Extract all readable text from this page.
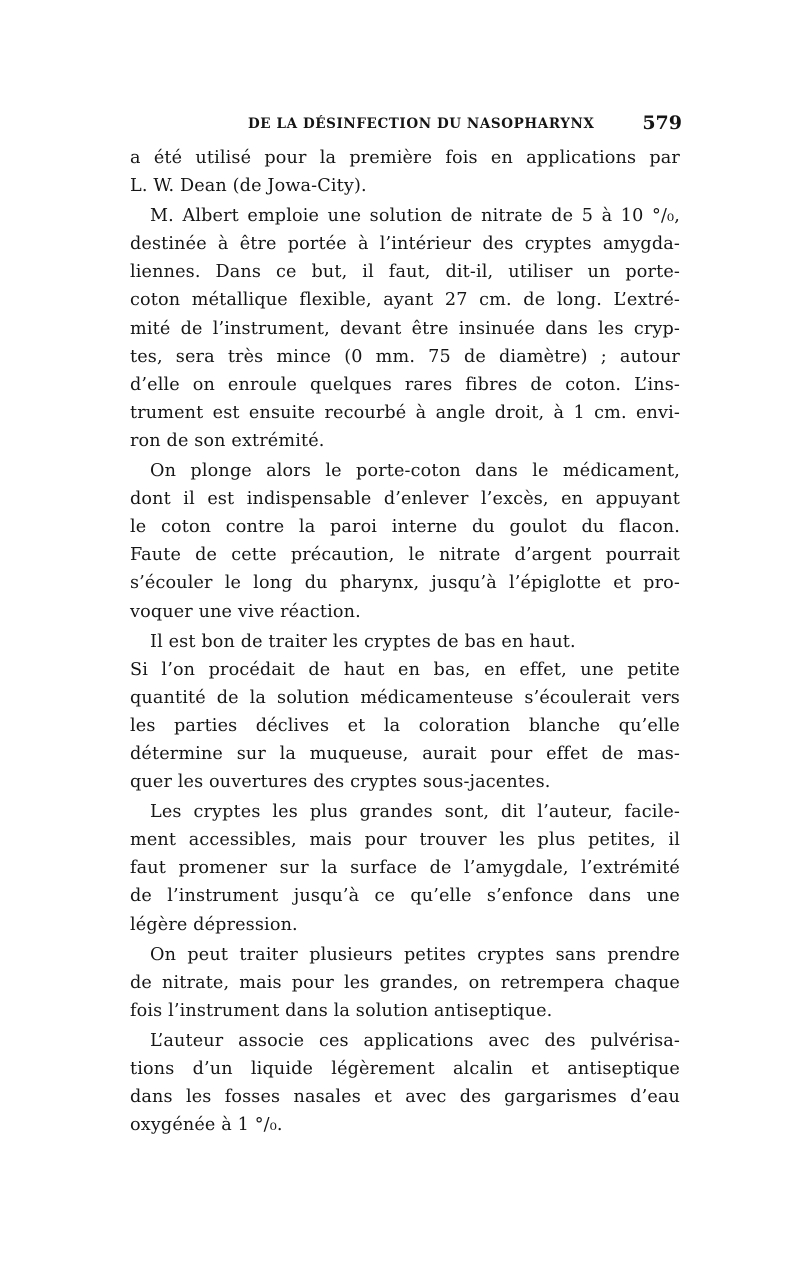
DE LA DÉSINFECTION DU NASOPHARYNX	579
a été utilisé pour la première fois en applications par
L. W. Dean (de Jowa-City).
M. Albert emploie une solution de nitrate de 5 à 10 °/₀,
destinée à être portée à l’intérieur des cryptes amygda-
liennes. Dans ce but, il faut, dit-il, utiliser un porte-
coton métallique flexible, ayant 27 cm. de long. L’extré-
mité de l’instrument, devant être insinuée dans les cryp-
tes, sera très mince (0 mm. 75 de diamètre) ; autour
d’elle on enroule quelques rares fibres de coton. L’ins-
trument est ensuite recourbé à angle droit, à 1 cm. envi-
ron de son extrémité.
On plonge alors le porte-coton dans le médicament,
dont il est indispensable d’enlever l’excès, en appuyant
le coton contre la paroi interne du goulot du flacon.
Faute de cette précaution, le nitrate d’argent pourrait
s’écouler le long du pharynx, jusqu’à l’épiglotte et pro-
voquer une vive réaction.
Il est bon de traiter les cryptes de bas en haut.
Si l’on procédait de haut en bas, en effet, une petite
quantité de la solution médicamenteuse s’écoulerait vers
les parties déclives et la coloration blanche qu’elle
détermine sur la muqueuse, aurait pour effet de mas-
quer les ouvertures des cryptes sous-jacentes.
Les cryptes les plus grandes sont, dit l’auteur, facile-
ment accessibles, mais pour trouver les plus petites, il
faut promener sur la surface de l’amygdale, l’extrémité
de l’instrument jusqu’à ce qu’elle s’enfonce dans une
légère dépression.
On peut traiter plusieurs petites cryptes sans prendre
de nitrate, mais pour les grandes, on retrempera chaque
fois l’instrument dans la solution antiseptique.
L’auteur associe ces applications avec des pulvérisa-
tions d’un liquide légèrement alcalin et antiseptique
dans les fosses nasales et avec des gargarismes d’eau
oxygénée à 1 °/₀.
